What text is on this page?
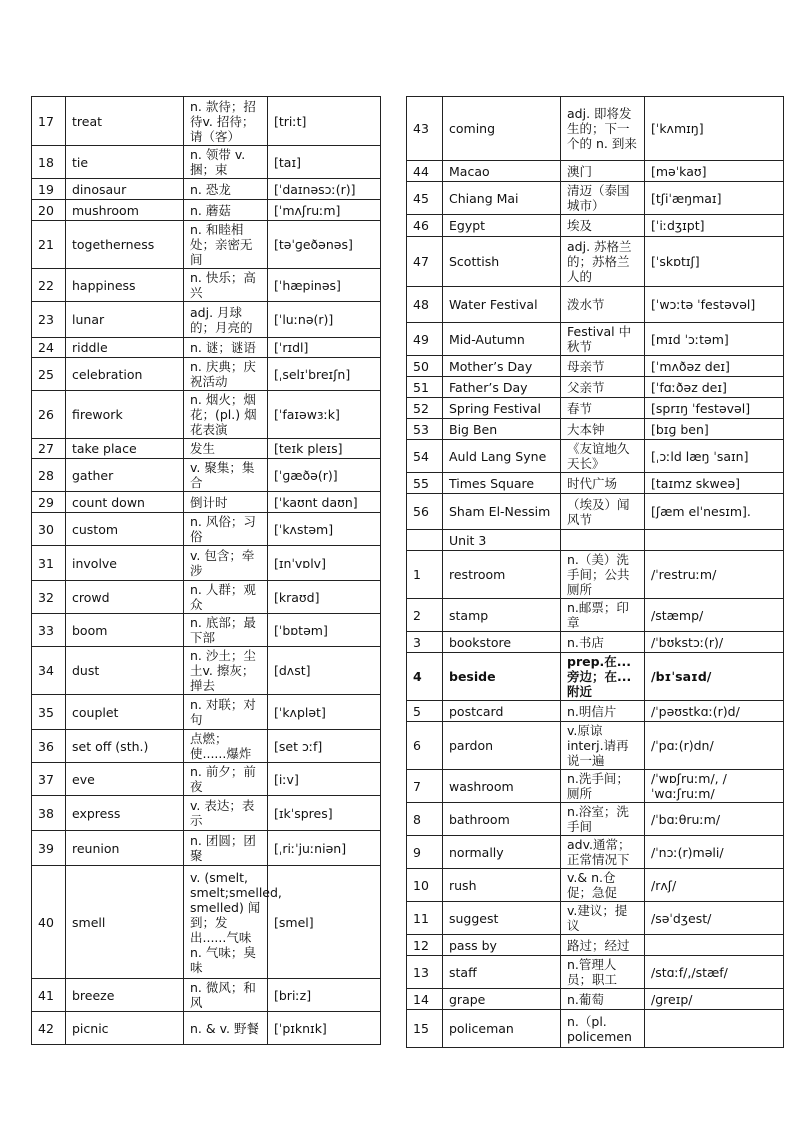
17	treat	n. 款待；招待v. 招待；请（客）	[triːt]
18	tie	n. 领带 v. 捆；束	[taɪ]
19	dinosaur	n. 恐龙	[ˈdaɪnəsɔː(r)]
20	mushroom	n. 蘑菇	[ˈmʌʃruːm]
21	togetherness	n. 和睦相处；亲密无间	[təˈɡeðənəs]
22	happiness	n. 快乐；高兴	[ˈhæpinəs]
23	lunar	adj. 月球的；月亮的	[ˈluːnə(r)]
24	riddle	n. 谜；谜语	[ˈrɪdl]
25	celebration	n. 庆典；庆祝活动	[ˌselɪˈbreɪʃn]
26	firework	n. 烟火；烟花；(pl.) 烟花表演	[ˈfaɪəwɜːk]
27	take place	发生	[teɪk pleɪs]
28	gather	v. 聚集；集合	[ˈɡæðə(r)]
29	count down	倒计时	[ˈkaʊnt daʊn]
30	custom	n. 风俗；习俗	[ˈkʌstəm]
31	involve	v. 包含；牵涉	[ɪnˈvɒlv]
32	crowd	n. 人群；观众	[kraʊd]
33	boom	n. 底部；最下部	[ˈbɒtəm]
34	dust	n. 沙土；尘土v. 擦灰；掸去	[dʌst]
35	couplet	n. 对联；对句	[ˈkʌplət]
36	set off (sth.)	点燃；使......爆炸	[set ɔːf]
37	eve	n. 前夕；前夜	[iːv]
38	express	v. 表达；表示	[ɪkˈspres]
39	reunion	n. 团圆；团聚	[ˌriːˈjuːniən]
40	smell	v. (smelt, smelt;smelled, smelled) 闻到；发出......气味 n. 气味；臭味	[smel]
41	breeze	n. 微风；和风	[briːz]
42	picnic	n. & v. 野餐	[ˈpɪknɪk]
43	coming	adj. 即将发生的；下一个的 n. 到来	[ˈkʌmɪŋ]
44	Macao	澳门	[məˈkaʊ]
45	Chiang Mai	清迈（泰国城市）	[tʃiˈæŋmaɪ]
46	Egypt	埃及	[ˈiːdʒɪpt]
47	Scottish	adj. 苏格兰的；苏格兰人的	[ˈskɒtɪʃ]
48	Water Festival	泼水节	[ˈwɔːtə ˈfestəvəl]
49	Mid-Autumn	Festival 中秋节	[mɪd ˈɔːtəm]
50	Mother’s Day	母亲节	[ˈmʌðəz deɪ]
51	Father’s Day	父亲节	[ˈfɑːðəz deɪ]
52	Spring Festival	春节	[sprɪŋ ˈfestəvəl]
53	Big Ben	大本钟	[bɪɡ ben]
54	Auld Lang Syne	《友谊地久天长》	[ˌɔːld læŋ ˈsaɪn]
55	Times Square	时代广场	[taɪmz skweə]
56	Sham El-Nessim	（埃及）闻风节	[ʃæm elˈnesɪm].
	Unit 3		
1	restroom	n.（美）洗手间；公共厕所	/ˈrestruːm/
2	stamp	n.邮票；印章	/stæmp/
3	bookstore	n.书店	/ˈbʊkstɔː(r)/
4	beside	prep.在...旁边；在...附近	/bɪˈsaɪd/
5	postcard	n.明信片	/ˈpəʊstkɑː(r)d/
6	pardon	v.原谅 interj.请再说一遍	/ˈpɑː(r)dn/
7	washroom	n.洗手间；厕所	/ˈwɒʃruːm/, /ˈwɑːʃruːm/
8	bathroom	n.浴室；洗手间	/ˈbɑːθruːm/
9	normally	adv.通常；正常情况下	/ˈnɔː(r)məli/
10	rush	v.& n.仓促；急促	/rʌʃ/
11	suggest	v.建议；提议	/səˈdʒest/
12	pass by	路过；经过	
13	staff	n.管理人员；职工	/stɑːf/,/stæf/
14	grape	n.葡萄	/ɡreɪp/
15	policeman	n.（pl. policemen	
